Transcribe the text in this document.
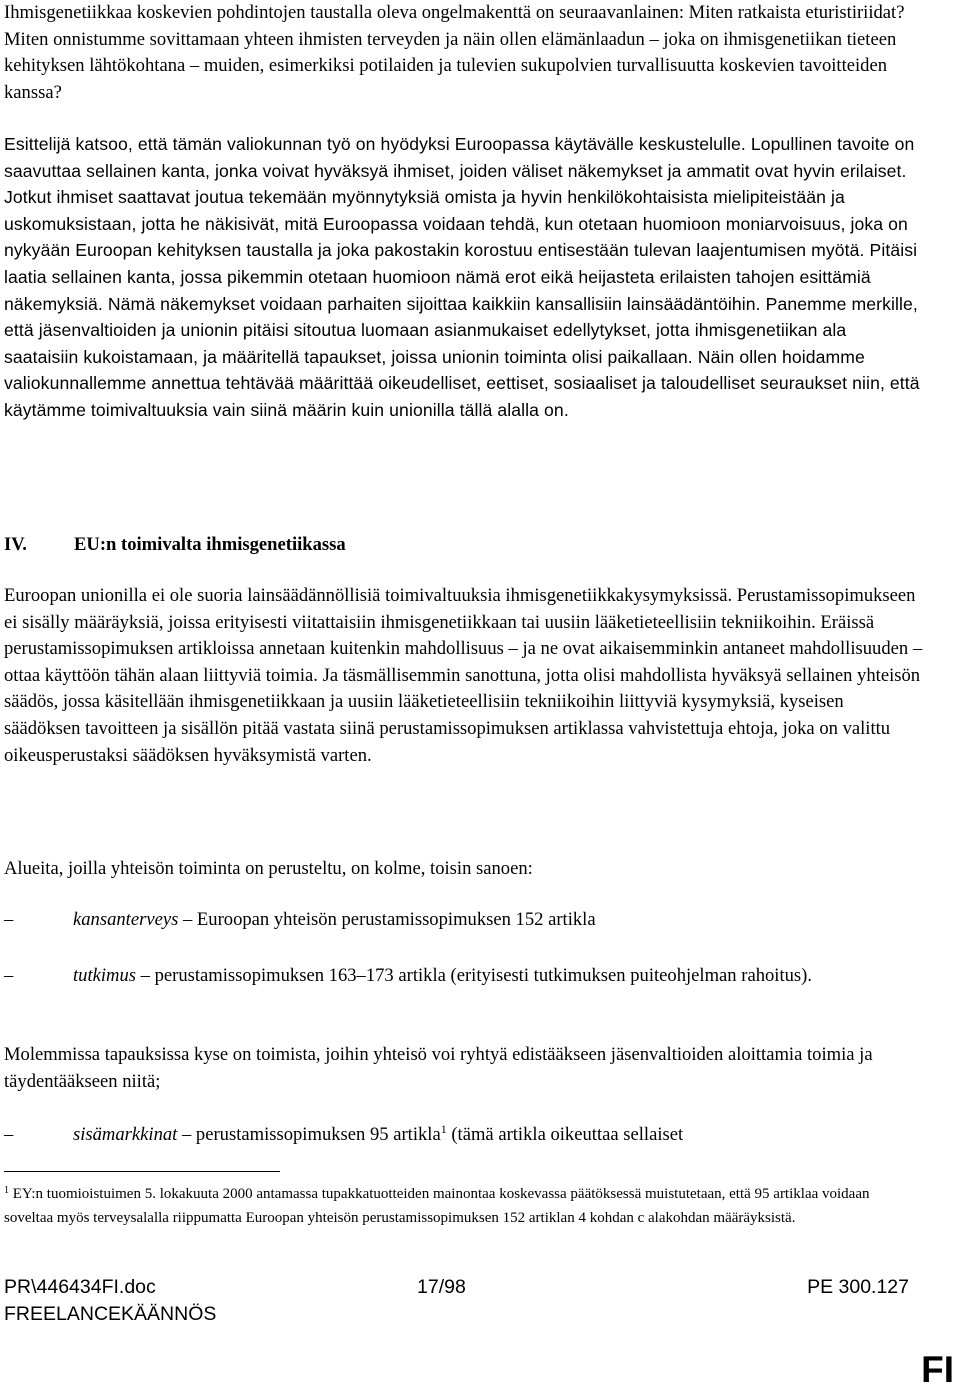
Ihmisgenetiikkaa koskevien pohdintojen taustalla oleva ongelmakenttä on seuraavanlainen: Miten ratkaista eturistiriidat? Miten onnistumme sovittamaan yhteen ihmisten terveyden ja näin ollen elämänlaadun – joka on ihmisgenetiikan tieteen kehityksen lähtökohtana – muiden, esimerkiksi potilaiden ja tulevien sukupolvien turvallisuutta koskevien tavoitteiden kanssa?

Esittelijä katsoo, että tämän valiokunnan työ on hyödyksi Euroopassa käytävälle keskustelulle. Lopullinen tavoite on saavuttaa sellainen kanta, jonka voivat hyväksyä ihmiset, joiden väliset näkemykset ja ammatit ovat hyvin erilaiset. Jotkut ihmiset saattavat joutua tekemään myönnytyksiä omista ja hyvin henkilökohtaisista mielipiteistään ja uskomuksistaan, jotta he näkisivät, mitä Euroopassa voidaan tehdä, kun otetaan huomioon moniarvoisuus, joka on nykyään Euroopan kehityksen taustalla ja joka pakostakin korostuu entisestään tulevan laajentumisen myötä. Pitäisi laatia sellainen kanta, jossa pikemmin otetaan huomioon nämä erot eikä heijasteta erilaisten tahojen esittämiä näkemyksiä. Nämä näkemykset voidaan parhaiten sijoittaa kaikkiin kansallisiin lainsäädäntöihin. Panemme merkille, että jäsenvaltioiden ja unionin pitäisi sitoutua luomaan asianmukaiset edellytykset, jotta ihmisgenetiikan ala saataisiin kukoistamaan, ja määritellä tapaukset, joissa unionin toiminta olisi paikallaan. Näin ollen hoidamme valiokunnallemme annettua tehtävää määrittää oikeudelliset, eettiset, sosiaaliset ja taloudelliset seuraukset niin, että käytämme toimivaltuuksia vain siinä määrin kuin unionilla tällä alalla on.

IV.	EU:n toimivalta ihmisgenetiikassa

Euroopan unionilla ei ole suoria lainsäädännöllisiä toimivaltuuksia ihmisgenetiikkakysymyksissä. Perustamissopimukseen ei sisälly määräyksiä, joissa erityisesti viitattaisiin ihmisgenetiikkaan tai uusiin lääketieteellisiin tekniikoihin. Eräissä perustamissopimuksen artikloissa annetaan kuitenkin mahdollisuus – ja ne ovat aikaisemminkin antaneet mahdollisuuden – ottaa käyttöön tähän alaan liittyviä toimia. Ja täsmällisemmin sanottuna, jotta olisi mahdollista hyväksyä sellainen yhteisön säädös, jossa käsitellään ihmisgenetiikkaan ja uusiin lääketieteellisiin tekniikoihin liittyviä kysymyksiä, kyseisen säädöksen tavoitteen ja sisällön pitää vastata siinä perustamissopimuksen artiklassa vahvistettuja ehtoja, joka on valittu oikeusperustaksi säädöksen hyväksymistä varten.

Alueita, joilla yhteisön toiminta on perusteltu, on kolme, toisin sanoen:

–	kansanterveys – Euroopan yhteisön perustamissopimuksen 152 artikla
–	tutkimus – perustamissopimuksen 163–173 artikla (erityisesti tutkimuksen puiteohjelman rahoitus).

Molemmissa tapauksissa kyse on toimista, joihin yhteisö voi ryhtyä edistääkseen jäsenvaltioiden aloittamia toimia ja täydentääkseen niitä;

–	sisämarkkinat – perustamissopimuksen 95 artikla$^1$ (tämä artikla oikeuttaa sellaiset
$^1$ EY:n tuomioistuimen 5. lokakuuta 2000 antamassa tupakkatuotteiden mainontaa koskevassa päätöksessä muistutetaan, että 95 artiklaa voidaan soveltaa myös terveysalalla riippumatta Euroopan yhteisön perustamissopimuksen 152 artiklan 4 kohdan c alakohdan määräyksistä.
PR\446434FI.doc	17/98	PE 300.127
FREELANCEKÄÄNNÖS
FI
